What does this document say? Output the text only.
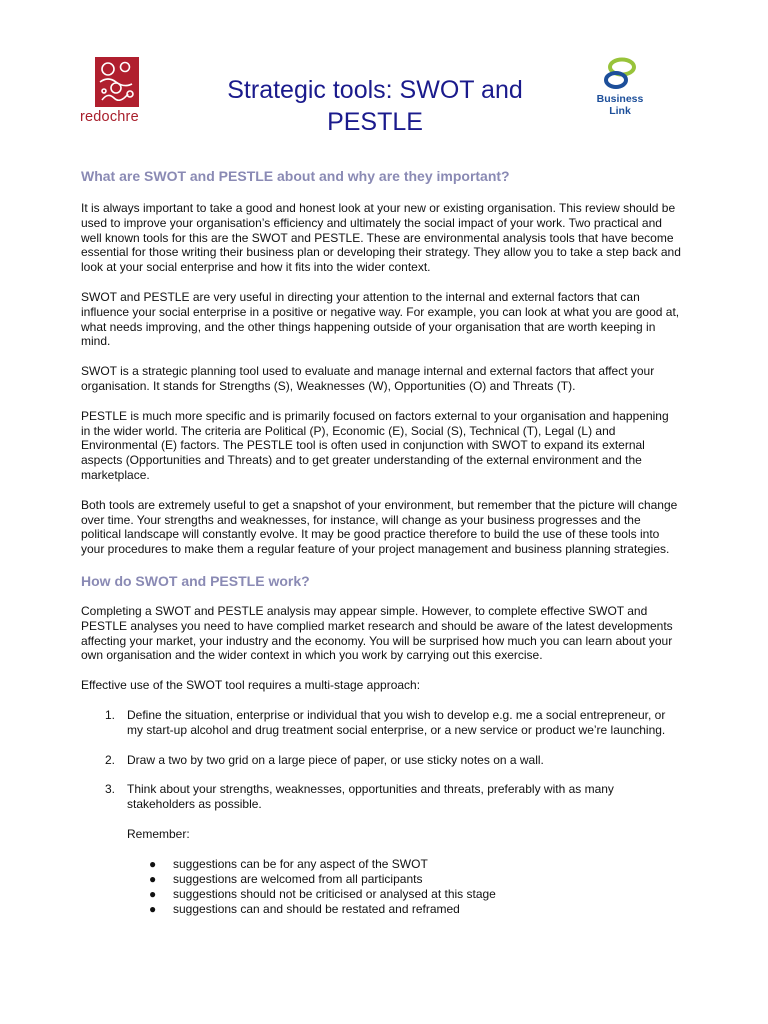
redochre
Strategic tools: SWOT and
PESTLE
Business
Link
What are SWOT and PESTLE about and why are they important?

It is always important to take a good and honest look at your new or existing organisation. This review should be used to improve your organisation’s efficiency and ultimately the social impact of your work. Two practical and well known tools for this are the SWOT and PESTLE. These are environmental analysis tools that have become essential for those writing their business plan or developing their strategy. They allow you to take a step back and look at your social enterprise and how it fits into the wider context.

SWOT and PESTLE are very useful in directing your attention to the internal and external factors that can influence your social enterprise in a positive or negative way. For example, you can look at what you are good at, what needs improving, and the other things happening outside of your organisation that are worth keeping in mind.

SWOT is a strategic planning tool used to evaluate and manage internal and external factors that affect your organisation. It stands for Strengths (S), Weaknesses (W), Opportunities (O) and Threats (T).

PESTLE is much more specific and is primarily focused on factors external to your organisation and happening in the wider world. The criteria are Political (P), Economic (E), Social (S), Technical (T), Legal (L) and Environmental (E) factors. The PESTLE tool is often used in conjunction with SWOT to expand its external aspects (Opportunities and Threats) and to get greater understanding of the external environment and the marketplace.

Both tools are extremely useful to get a snapshot of your environment, but remember that the picture will change over time. Your strengths and weaknesses, for instance, will change as your business progresses and the political landscape will constantly evolve. It may be good practice therefore to build the use of these tools into your procedures to make them a regular feature of your project management and business planning strategies.

How do SWOT and PESTLE work?

Completing a SWOT and PESTLE analysis may appear simple. However, to complete effective SWOT and PESTLE analyses you need to have complied market research and should be aware of the latest developments affecting your market, your industry and the economy. You will be surprised how much you can learn about your own organisation and the wider context in which you work by carrying out this exercise.

Effective use of the SWOT tool requires a multi-stage approach:

1. Define the situation, enterprise or individual that you wish to develop e.g. me a social entrepreneur, or my start-up alcohol and drug treatment social enterprise, or a new service or product we’re launching.
2. Draw a two by two grid on a large piece of paper, or use sticky notes on a wall.
3. Think about your strengths, weaknesses, opportunities and threats, preferably with as many stakeholders as possible.

Remember:

● suggestions can be for any aspect of the SWOT
● suggestions are welcomed from all participants
● suggestions should not be criticised or analysed at this stage
● suggestions can and should be restated and reframed
